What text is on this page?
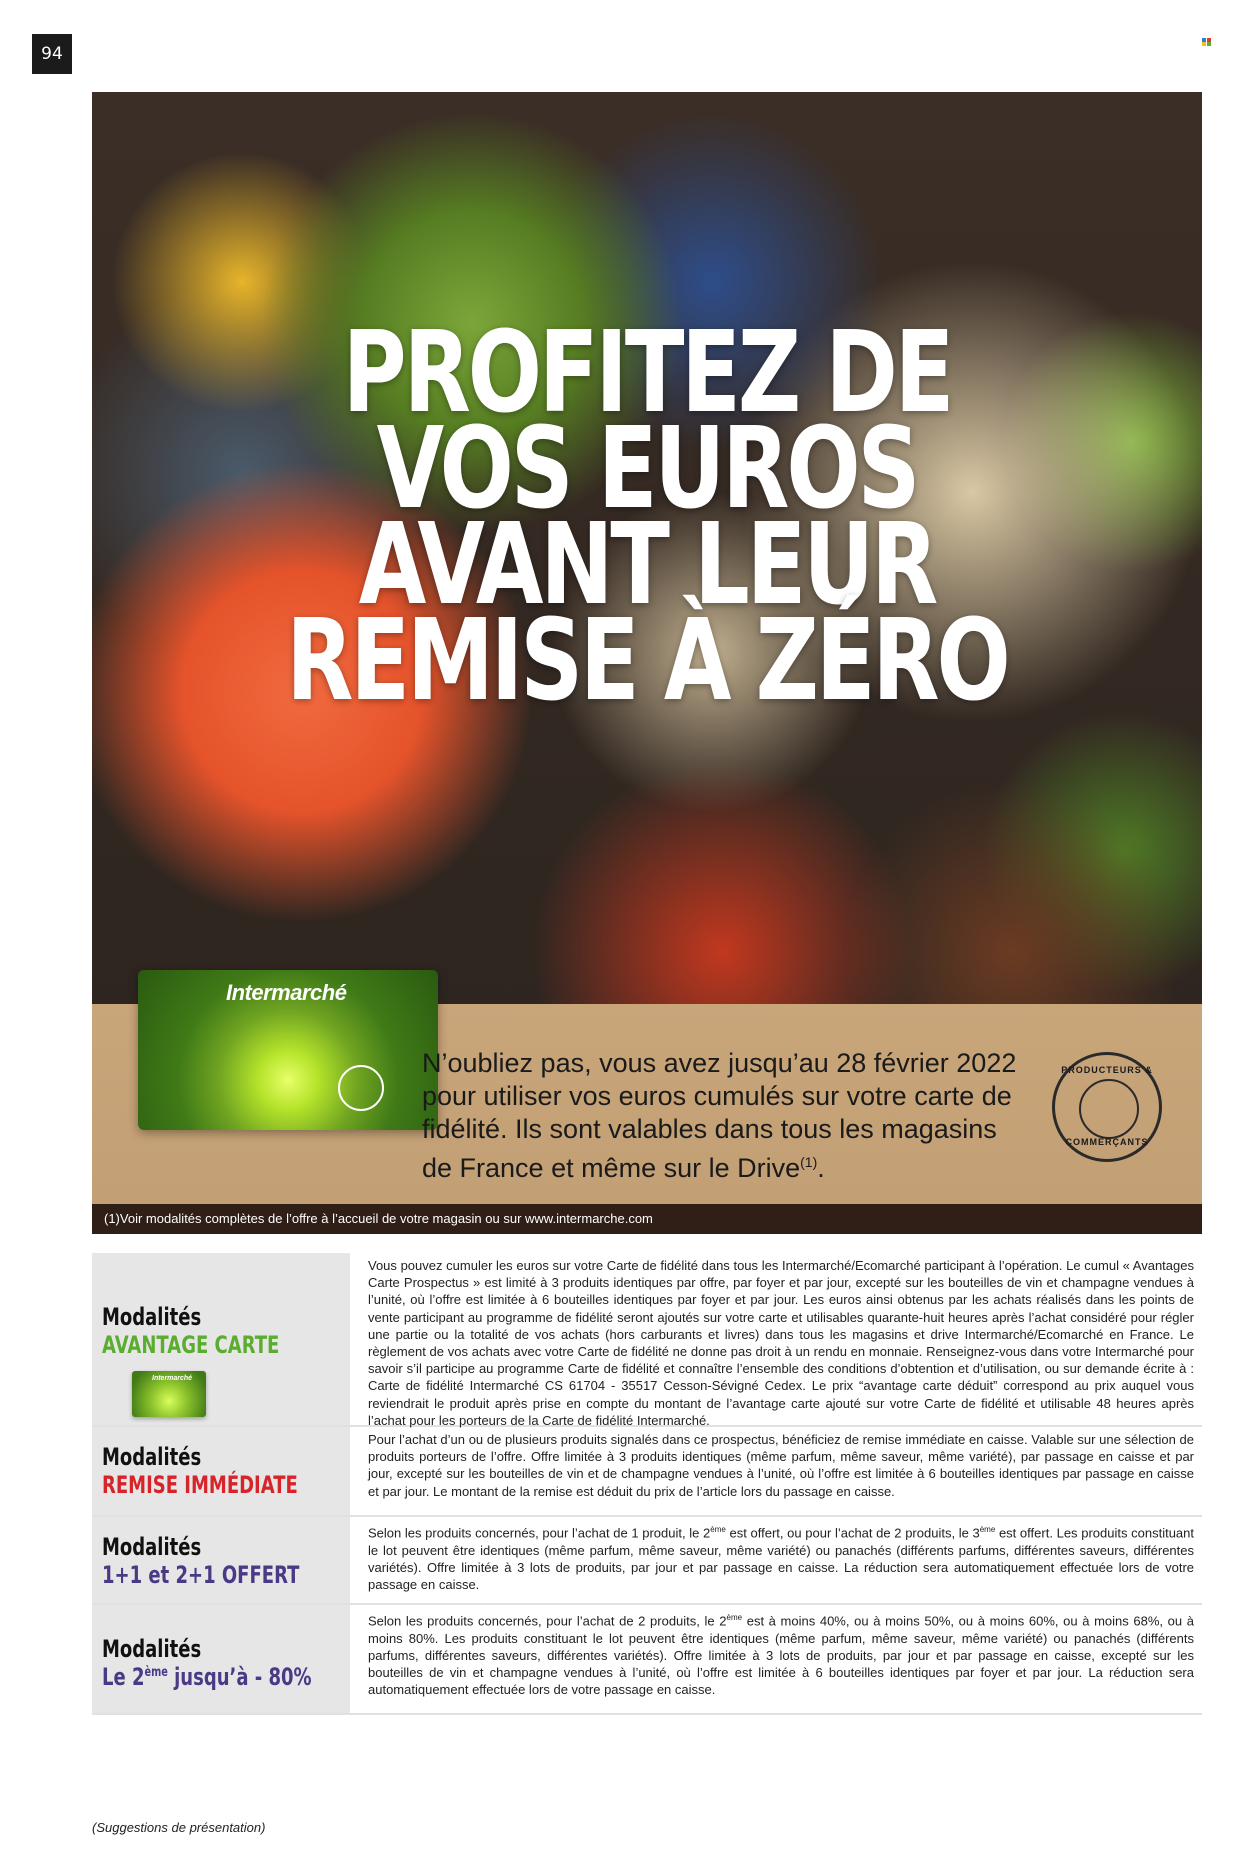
94
PROFITEZ DE
VOS EUROS
AVANT LEUR
REMISE À ZÉRO
Intermarché

N’oubliez pas, vous avez jusqu’au 28 février 2022 pour utiliser vos euros cumulés sur votre carte de fidélité. Ils sont valables dans tous les magasins de France et même sur le Drive$^{(1)}$.

PRODUCTEURS &
COMMERÇANTS
(1)Voir modalités complètes de l’offre à l’accueil de votre magasin ou sur www.intermarche.com
Modalités
AVANTAGE CARTE
Intermarché
Vous pouvez cumuler les euros sur votre Carte de fidélité dans tous les Intermarché/Ecomarché participant à l’opération. Le cumul « Avantages Carte Prospectus » est limité à 3 produits identiques par offre, par foyer et par jour, excepté sur les bouteilles de vin et champagne vendues à l’unité, où l’offre est limitée à 6 bouteilles identiques par foyer et par jour. Les euros ainsi obtenus par les achats réalisés dans les points de vente participant au programme de fidélité seront ajoutés sur votre carte et utilisables quarante-huit heures après l’achat considéré pour régler une partie ou la totalité de vos achats (hors carburants et livres) dans tous les magasins et drive Intermarché/Ecomarché en France. Le règlement de vos achats avec votre Carte de fidélité ne donne pas droit à un rendu en monnaie. Renseignez-vous dans votre Intermarché pour savoir s’il participe au programme Carte de fidélité et connaître l’ensemble des conditions d’obtention et d’utilisation, ou sur demande écrite à : Carte de fidélité Intermarché CS 61704 - 35517 Cesson-Sévigné Cedex. Le prix “avantage carte déduit” correspond au prix auquel vous reviendrait le produit après prise en compte du montant de l’avantage carte ajouté sur votre Carte de fidélité et utilisable 48 heures après l’achat pour les porteurs de la Carte de fidélité Intermarché.
Modalités
REMISE IMMÉDIATE
Pour l’achat d’un ou de plusieurs produits signalés dans ce prospectus, bénéficiez de remise immédiate en caisse. Valable sur une sélection de produits porteurs de l’offre. Offre limitée à 3 produits identiques (même parfum, même saveur, même variété), par passage en caisse et par jour, excepté sur les bouteilles de vin et de champagne vendues à l’unité, où l’offre est limitée à 6 bouteilles identiques par passage en caisse et par jour. Le montant de la remise est déduit du prix de l’article lors du passage en caisse.
Modalités
1+1 et 2+1 OFFERT
Selon les produits concernés, pour l’achat de 1 produit, le 2ème est offert, ou pour l’achat de 2 produits, le 3ème est offert. Les produits constituant le lot peuvent être identiques (même parfum, même saveur, même variété) ou panachés (différents parfums, différentes saveurs, différentes variétés). Offre limitée à 3 lots de produits, par jour et par passage en caisse. La réduction sera automatiquement effectuée lors de votre passage en caisse.
Modalités
Le 2ème jusqu’à - 80%
Selon les produits concernés, pour l’achat de 2 produits, le 2ème est à moins 40%, ou à moins 50%, ou à moins 60%, ou à moins 68%, ou à moins 80%. Les produits constituant le lot peuvent être identiques (même parfum, même saveur, même variété) ou panachés (différents parfums, différentes saveurs, différentes variétés). Offre limitée à 3 lots de produits, par jour et par passage en caisse, excepté sur les bouteilles de vin et champagne vendues à l’unité, où l’offre est limitée à 6 bouteilles identiques par foyer et par jour. La réduction sera automatiquement effectuée lors de votre passage en caisse.
(Suggestions de présentation)
